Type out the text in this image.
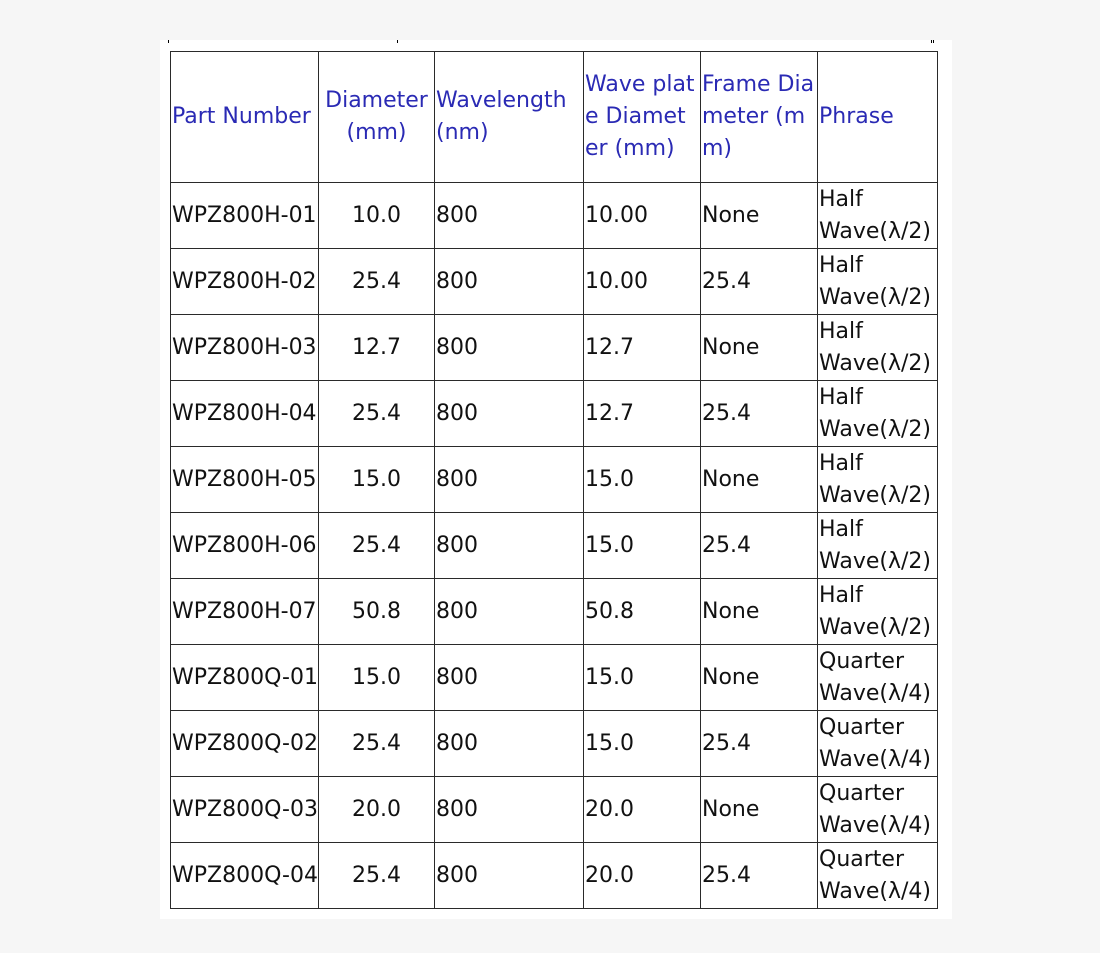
Part Number	Diameter (mm)	Wavelength (nm)	Wave plate Diameter (mm)	Frame Diameter (mm)	Phrase
WPZ800H-01	10.0	800	10.00	None	Half Wave(λ/2)
WPZ800H-02	25.4	800	10.00	25.4	Half Wave(λ/2)
WPZ800H-03	12.7	800	12.7	None	Half Wave(λ/2)
WPZ800H-04	25.4	800	12.7	25.4	Half Wave(λ/2)
WPZ800H-05	15.0	800	15.0	None	Half Wave(λ/2)
WPZ800H-06	25.4	800	15.0	25.4	Half Wave(λ/2)
WPZ800H-07	50.8	800	50.8	None	Half Wave(λ/2)
WPZ800Q-01	15.0	800	15.0	None	Quarter Wave(λ/4)
WPZ800Q-02	25.4	800	15.0	25.4	Quarter Wave(λ/4)
WPZ800Q-03	20.0	800	20.0	None	Quarter Wave(λ/4)
WPZ800Q-04	25.4	800	20.0	25.4	Quarter Wave(λ/4)
